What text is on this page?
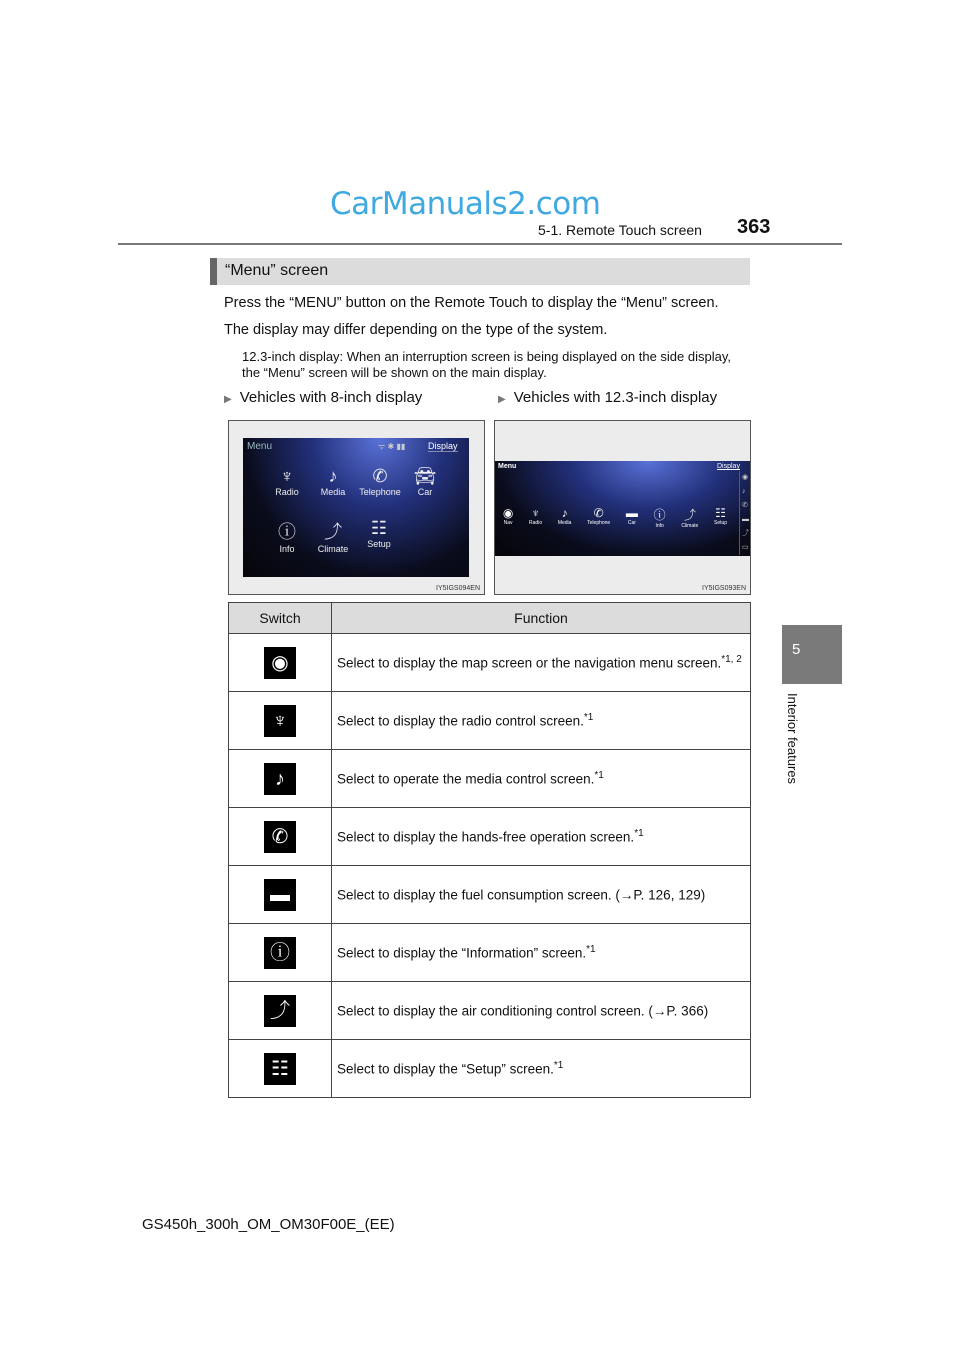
CarManuals2.com
5-1. Remote Touch screen 363
5
Interior features
“Menu” screen
Press the “MENU” button on the Remote Touch to display the “Menu” screen.
The display may differ depending on the type of the system.
12.3-inch display: When an interruption screen is being displayed on the side display, the “Menu” screen will be shown on the main display.
▶ Vehicles with 8-inch display	▶ Vehicles with 12.3-inch display
Menu	ᯤ ✱ ▮▮	Display
♆
Radio
♪
Media
✆
Telephone
🚘︎
Car
ⓘ
Info
⤴
Climate
☷
Setup
IY5IGS094EN
Menu	Display
◉
♪
✆
▬
⤴
▭
◉
Nav
♆
Radio
♪
Media
✆
Telephone
▬
Car
ⓘ
Info
⤴
Climate
☷
Setup
IY5IGS093EN
Switch	Function
◉	Select to display the map screen or the navigation menu screen.$^{*1, 2}$
♆	Select to display the radio control screen.$^{*1}$
♪	Select to operate the media control screen.$^{*1}$
✆	Select to display the hands-free operation screen.$^{*1}$
▬	Select to display the fuel consumption screen. (→P. 126, 129)
ⓘ	Select to display the “Information” screen.$^{*1}$
⤴	Select to display the air conditioning control screen. (→P. 366)
☷	Select to display the “Setup” screen.$^{*1}$
GS450h_300h_OM_OM30F00E_(EE)
